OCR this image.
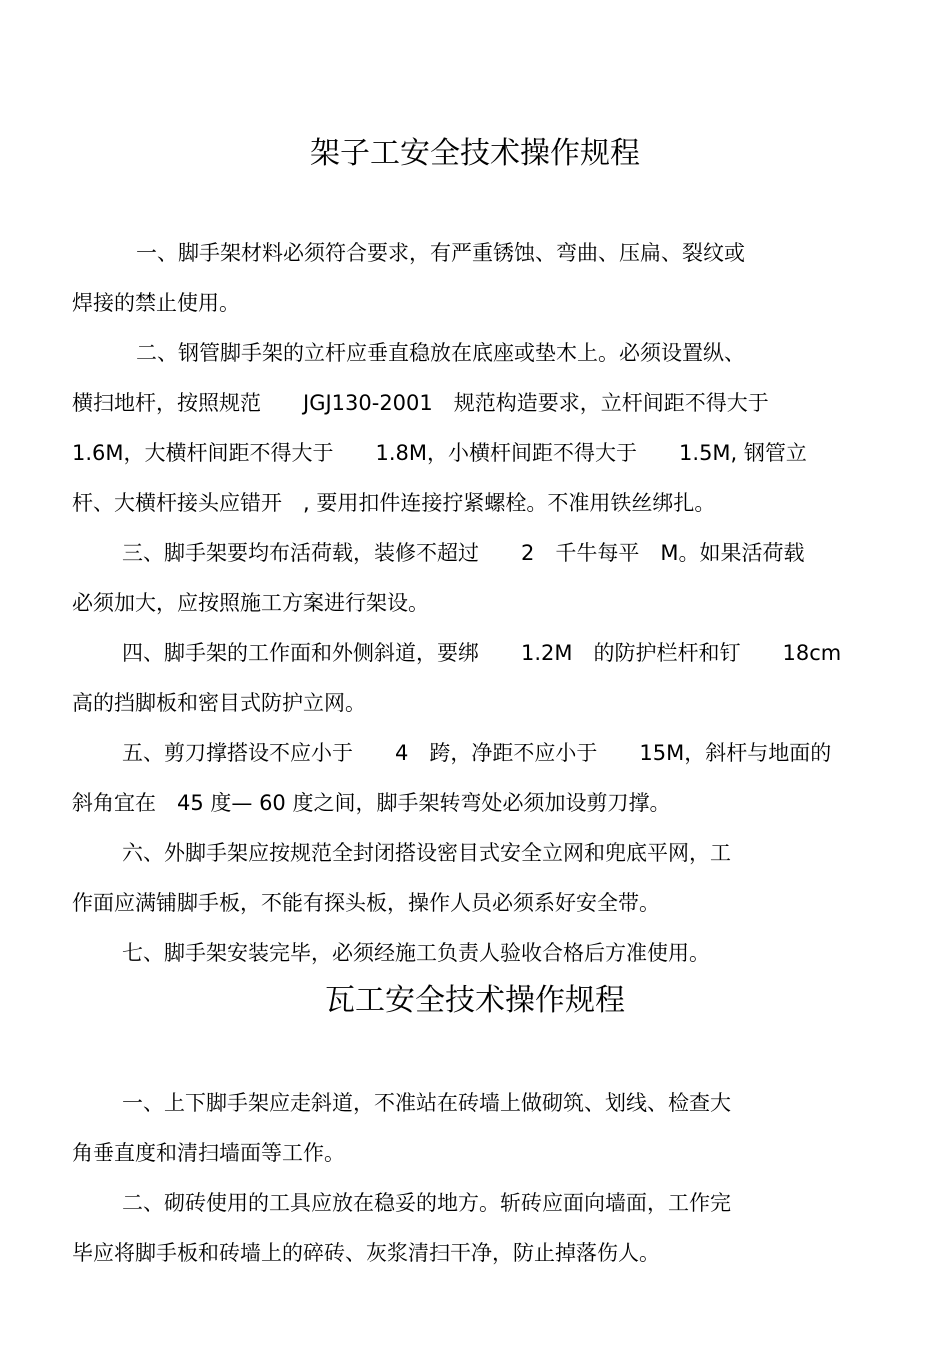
架子工安全技术操作规程
一、脚手架材料必须符合要求，有严重锈蚀、弯曲、压扁、裂纹或
焊接的禁止使用。
二、钢管脚手架的立杆应垂直稳放在底座或垫木上。必须设置纵、
横扫地杆，按照规范　　JGJ130-2001　规范构造要求，立杆间距不得大于
1.6M，大横杆间距不得大于　　1.8M，小横杆间距不得大于　　1.5M, 钢管立
杆、大横杆接头应错开　, 要用扣件连接拧紧螺栓。不准用铁丝绑扎。
三、脚手架要均布活荷载，装修不超过　　2　千牛每平　M。如果活荷载
必须加大，应按照施工方案进行架设。
四、脚手架的工作面和外侧斜道，要绑　　1.2M　的防护栏杆和钉　　18cm
高的挡脚板和密目式防护立网。
五、剪刀撑搭设不应小于　　4　跨，净距不应小于　　15M，斜杆与地面的
斜角宜在　45 度— 60 度之间，脚手架转弯处必须加设剪刀撑。
六、外脚手架应按规范全封闭搭设密目式安全立网和兜底平网，工
作面应满铺脚手板，不能有探头板，操作人员必须系好安全带。
七、脚手架安装完毕，必须经施工负责人验收合格后方准使用。
瓦工安全技术操作规程
一、上下脚手架应走斜道，不准站在砖墙上做砌筑、划线、检查大
角垂直度和清扫墙面等工作。
二、砌砖使用的工具应放在稳妥的地方。斩砖应面向墙面，工作完
毕应将脚手板和砖墙上的碎砖、灰浆清扫干净，防止掉落伤人。
